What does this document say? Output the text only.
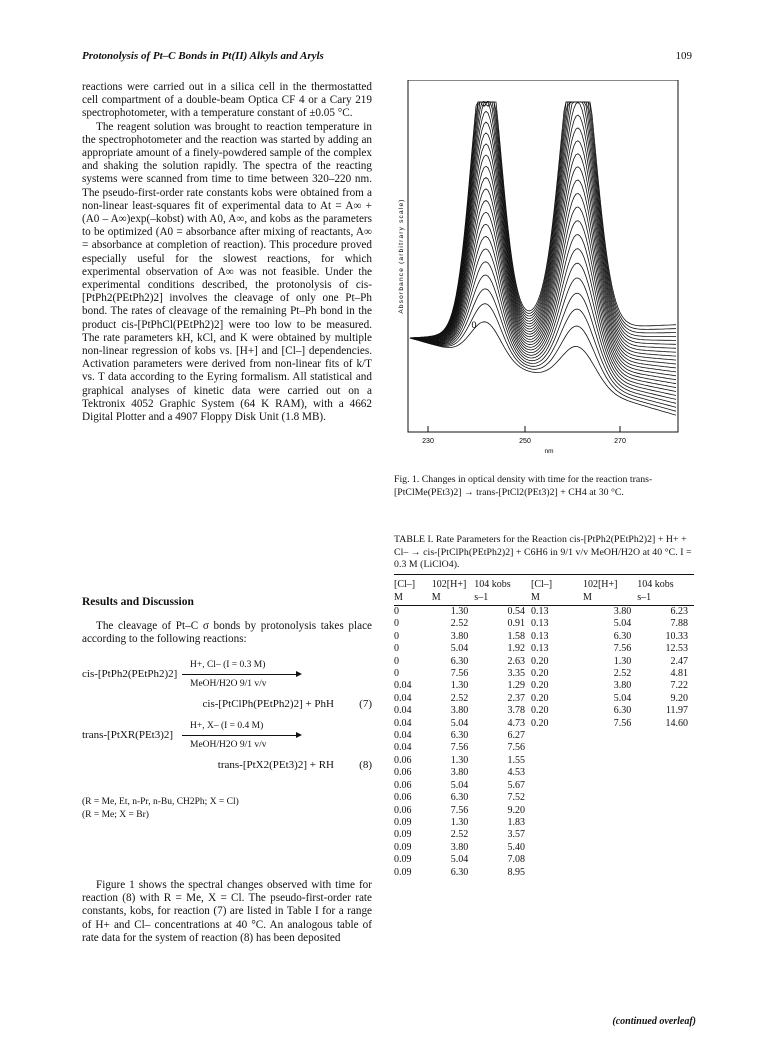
Protonolysis of Pt–C Bonds in Pt(II) Alkyls and Aryls	109

reactions were carried out in a silica cell in the thermostatted cell compartment of a double-beam Optica CF 4 or a Cary 219 spectrophotometer, with a temperature constant of ±0.05 °C.

The reagent solution was brought to reaction temperature in the spectrophotometer and the reaction was started by adding an appropriate amount of a finely-powdered sample of the complex and shaking the solution rapidly. The spectra of the reacting systems were scanned from time to time between 320–220 nm. The pseudo-first-order rate constants kobs were obtained from a non-linear least-squares fit of experimental data to At = A∞ + (A0 – A∞)exp(–kobst) with A0, A∞, and kobs as the parameters to be optimized (A0 = absorbance after mixing of reactants, A∞ = absorbance at completion of reaction). This procedure proved especially useful for the slowest reactions, for which experimental observation of A∞ was not feasible. Under the experimental conditions described, the protonolysis of cis-[PtPh2(PEtPh2)2] involves the cleavage of only one Pt–Ph bond. The rates of cleavage of the remaining Pt–Ph bond in the product cis-[PtPhCl(PEtPh2)2] were too low to be measured. The rate parameters kH, kCl, and K were obtained by multiple non-linear regression of kobs vs. [H+] and [Cl–] dependencies. Activation parameters were derived from non-linear fits of k/T vs. T data according to the Eyring formalism. All statistical and graphical analyses of kinetic data were carried out on a Tektronix 4052 Graphic System (64 K RAM), with a 4662 Digital Plotter and a 4907 Floppy Disk Unit (1.8 MB).

Results and Discussion

The cleavage of Pt–C σ bonds by protonolysis takes place according to the following reactions:

H+, Cl– (I = 0.3 M)
cis-[PtPh2(PEtPh2)2]
MeOH/H2O 9/1 v/v
cis-[PtClPh(PEtPh2)2] + PhH (7)
H+, X– (I = 0.4 M)
trans-[PtXR(PEt3)2]
MeOH/H2O 9/1 v/v
trans-[PtX2(PEt3)2] + RH (8)
(R = Me, Et, n-Pr, n-Bu, CH2Ph; X = Cl)
(R = Me; X = Br)

Figure 1 shows the spectral changes observed with time for reaction (8) with R = Me, X = Cl. The pseudo-first-order rate constants, kobs, for reaction (7) are listed in Table I for a range of H+ and Cl– concentrations at 40 °C. An analogous table of rate data for the system of reaction (8) has been deposited

Absorbance (arbitrary scale)
∞
0
230	250	270
nm
Fig. 1. Changes in optical density with time for the reaction trans-[PtClMe(PEt3)2] → trans-[PtCl2(PEt3)2] + CH4 at 30 °C.
TABLE I. Rate Parameters for the Reaction cis-[PtPh2(PEtPh2)2] + H+ + Cl– → cis-[PtClPh(PEtPh2)2] + C6H6 in 9/1 v/v MeOH/H2O at 40 °C. I = 0.3 M (LiClO4).
[Cl–]	102[H+]	104 kobs	[Cl–]	102[H+]	104 kobs
M	M	s–1	M	M	s–1
0	1.30	0.54	0.13	3.80	6.23
0	2.52	0.91	0.13	5.04	7.88
0	3.80	1.58	0.13	6.30	10.33
0	5.04	1.92	0.13	7.56	12.53
0	6.30	2.63	0.20	1.30	2.47
0	7.56	3.35	0.20	2.52	4.81
0.04	1.30	1.29	0.20	3.80	7.22
0.04	2.52	2.37	0.20	5.04	9.20
0.04	3.80	3.78	0.20	6.30	11.97
0.04	5.04	4.73	0.20	7.56	14.60
0.04	6.30	6.27			
0.04	7.56	7.56			
0.06	1.30	1.55			
0.06	3.80	4.53			
0.06	5.04	5.67			
0.06	6.30	7.52			
0.06	7.56	9.20			
0.09	1.30	1.83			
0.09	2.52	3.57			
0.09	3.80	5.40			
0.09	5.04	7.08			
0.09	6.30	8.95			
(continued overleaf)
